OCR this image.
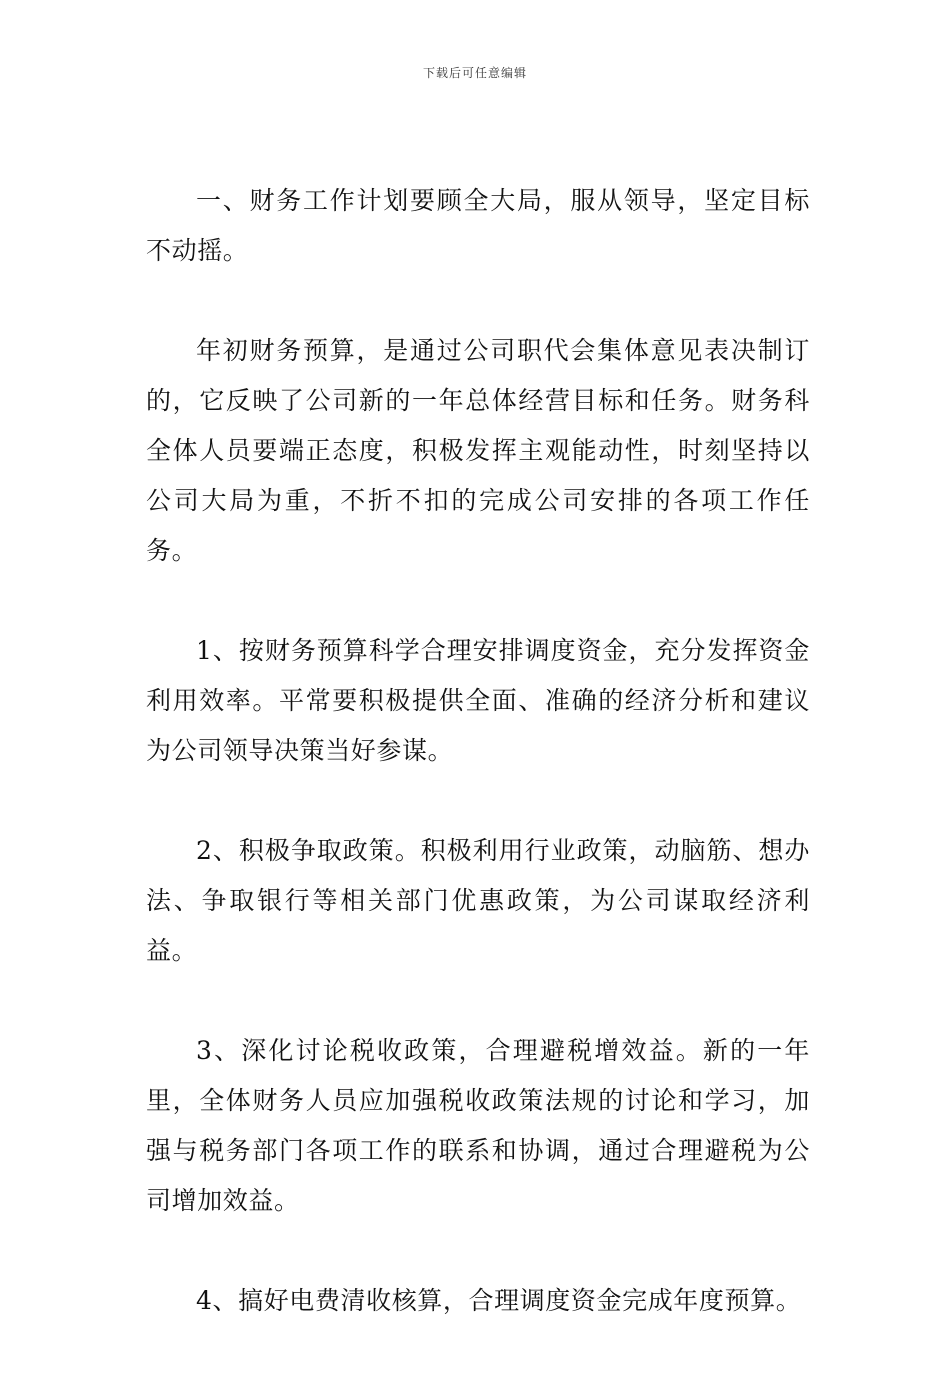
下载后可任意编辑

一、财务工作计划要顾全大局，服从领导，坚定目标不动摇。

年初财务预算，是通过公司职代会集体意见表决制订的，它反映了公司新的一年总体经营目标和任务。财务科全体人员要端正态度，积极发挥主观能动性，时刻坚持以公司大局为重，不折不扣的完成公司安排的各项工作任务。

1、按财务预算科学合理安排调度资金，充分发挥资金利用效率。平常要积极提供全面、准确的经济分析和建议为公司领导决策当好参谋。

2、积极争取政策。积极利用行业政策，动脑筋、想办法、争取银行等相关部门优惠政策，为公司谋取经济利益。

3、深化讨论税收政策，合理避税增效益。新的一年里，全体财务人员应加强税收政策法规的讨论和学习，加强与税务部门各项工作的联系和协调，通过合理避税为公司增加效益。

4、搞好电费清收核算，合理调度资金完成年度预算。
